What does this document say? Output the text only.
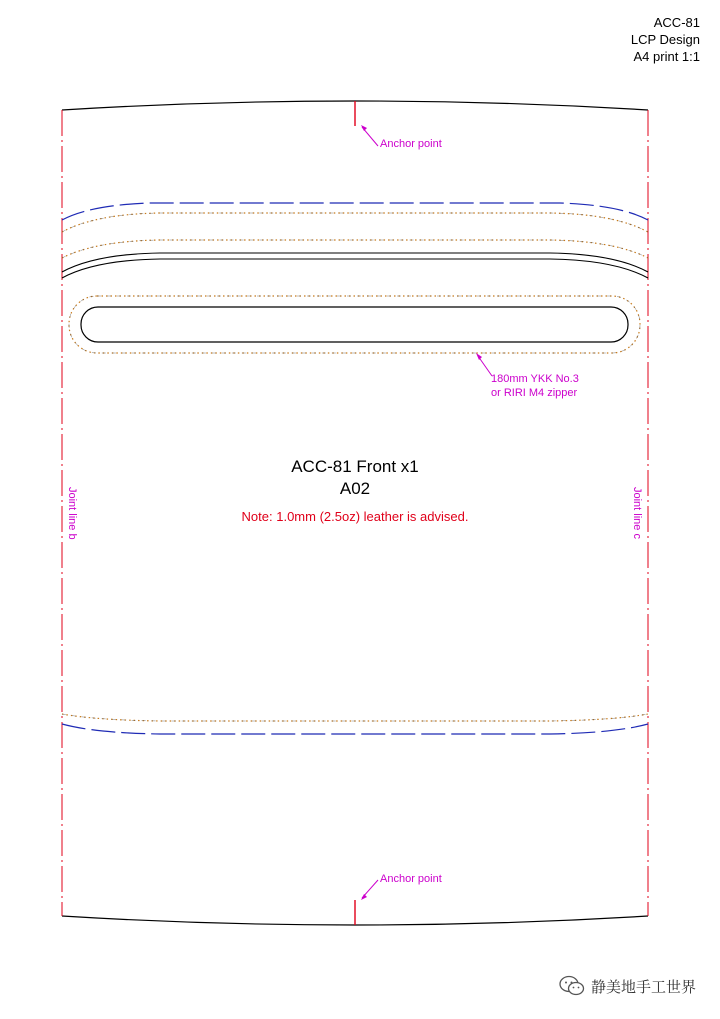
ACC-81
LCP Design
A4 print 1:1
Anchor point
Anchor point
180mm YKK No.3
or RIRI M4 zipper
Joint line b	Joint line c
ACC-81 Front x1
A02
Note: 1.0mm (2.5oz) leather is advised.
静美地手工世界
